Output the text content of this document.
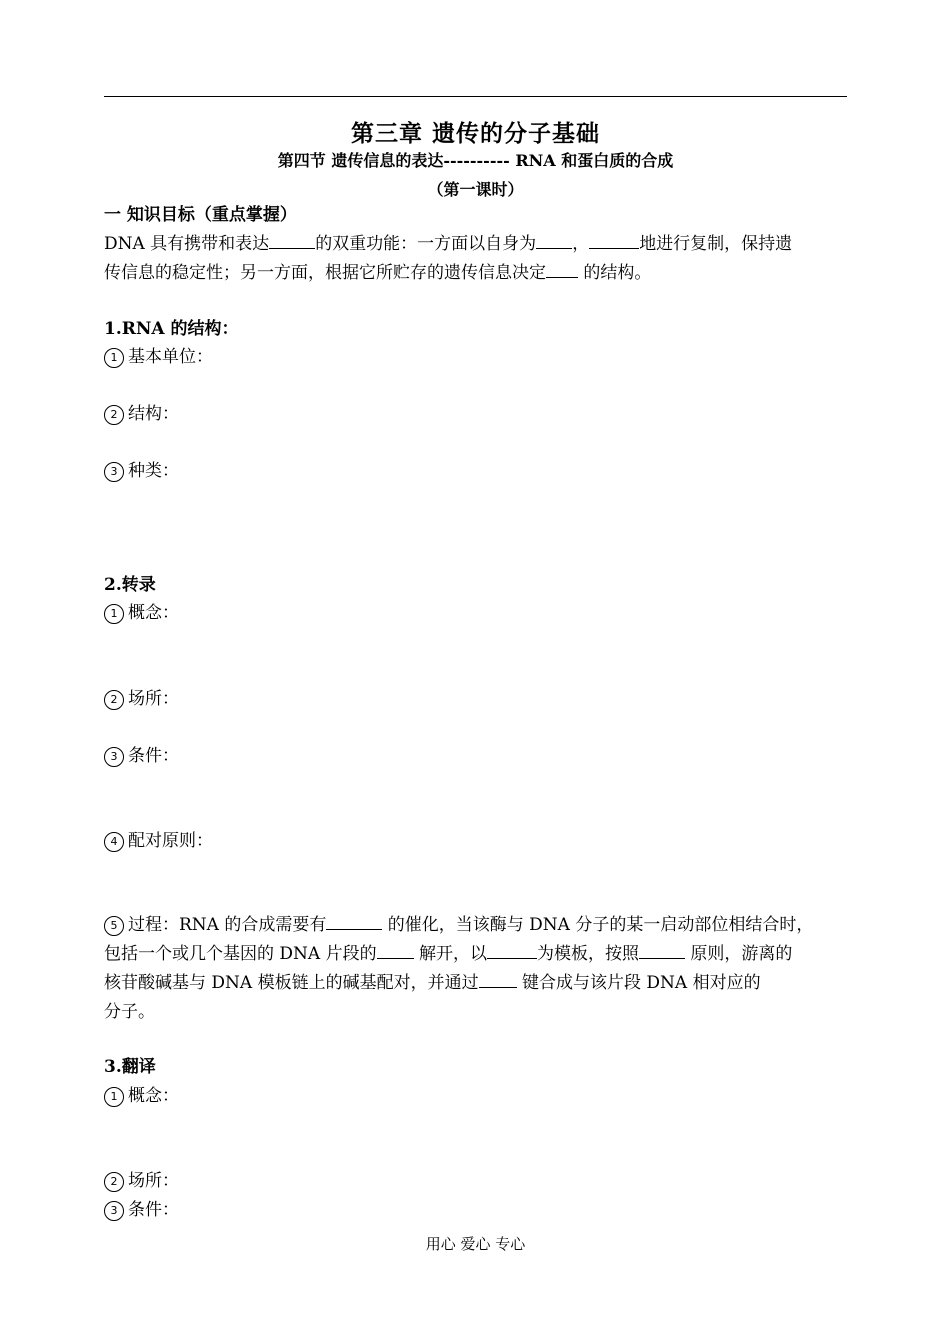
第三章 遗传的分子基础
第四节 遗传信息的表达---------- RNA 和蛋白质的合成
（第一课时）
一 知识目标（重点掌握）
DNA 具有携带和表达	的双重功能：一方面以自身为 ，	地进行复制，保持遗
传信息的稳定性；另一方面，根据它所贮存的遗传信息决定 的结构。
1.RNA 的结构：
1 基本单位：
2 结构：
3 种类：
2.转录
1 概念：
2 场所：
3 条件：
4 配对原则：
5 过程：RNA 的合成需要有	的催化，当该酶与 DNA 分子的某一启动部位相结合时，
包括一个或几个基因的 DNA 片段的 解开，以	为模板，按照	原则，游离的
核苷酸碱基与 DNA 模板链上的碱基配对，并通过 键合成与该片段 DNA 相对应的
分子。
3.翻译
1 概念：
2 场所：
3 条件：
用心 爱心 专心
